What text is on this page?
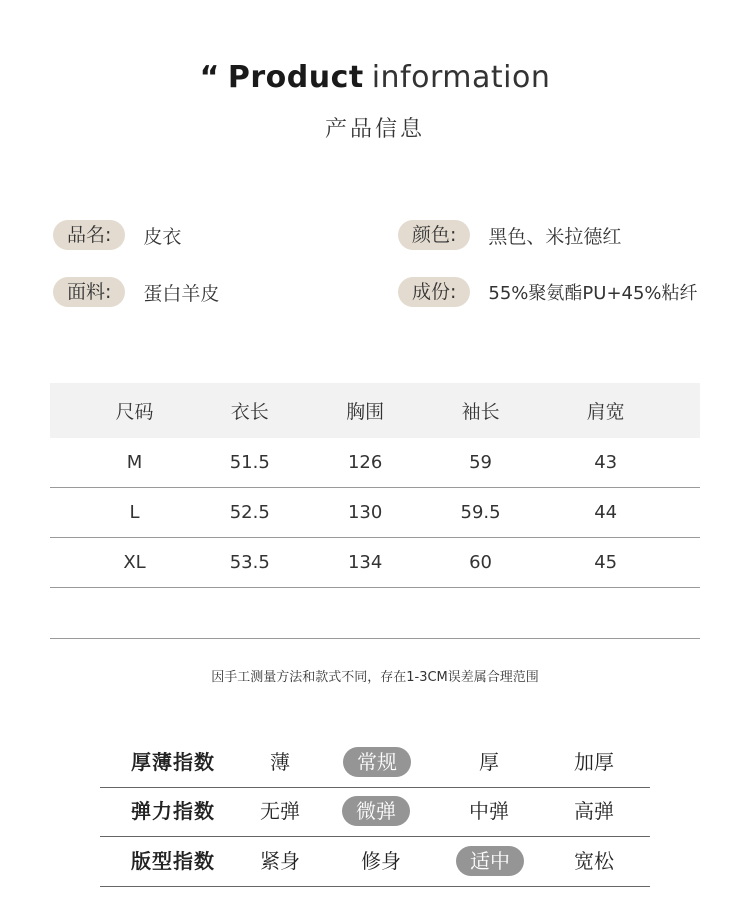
“ Product information
产品信息
品名:	皮衣	颜色:	黑色、米拉德红
面料:	蛋白羊皮	成份:	55%聚氨酯PU+45%粘纤
尺码	衣长	胸围	袖长	肩宽
M	51.5	126	59	43
L	52.5	130	59.5	44
XL	53.5	134	60	45

因手工测量方法和款式不同，存在1-3CM误差属合理范围
厚薄指数	薄	常规	厚	加厚
弹力指数 无弹	微弹	中弹	高弹
版型指数 紧身	修身	适中	宽松
